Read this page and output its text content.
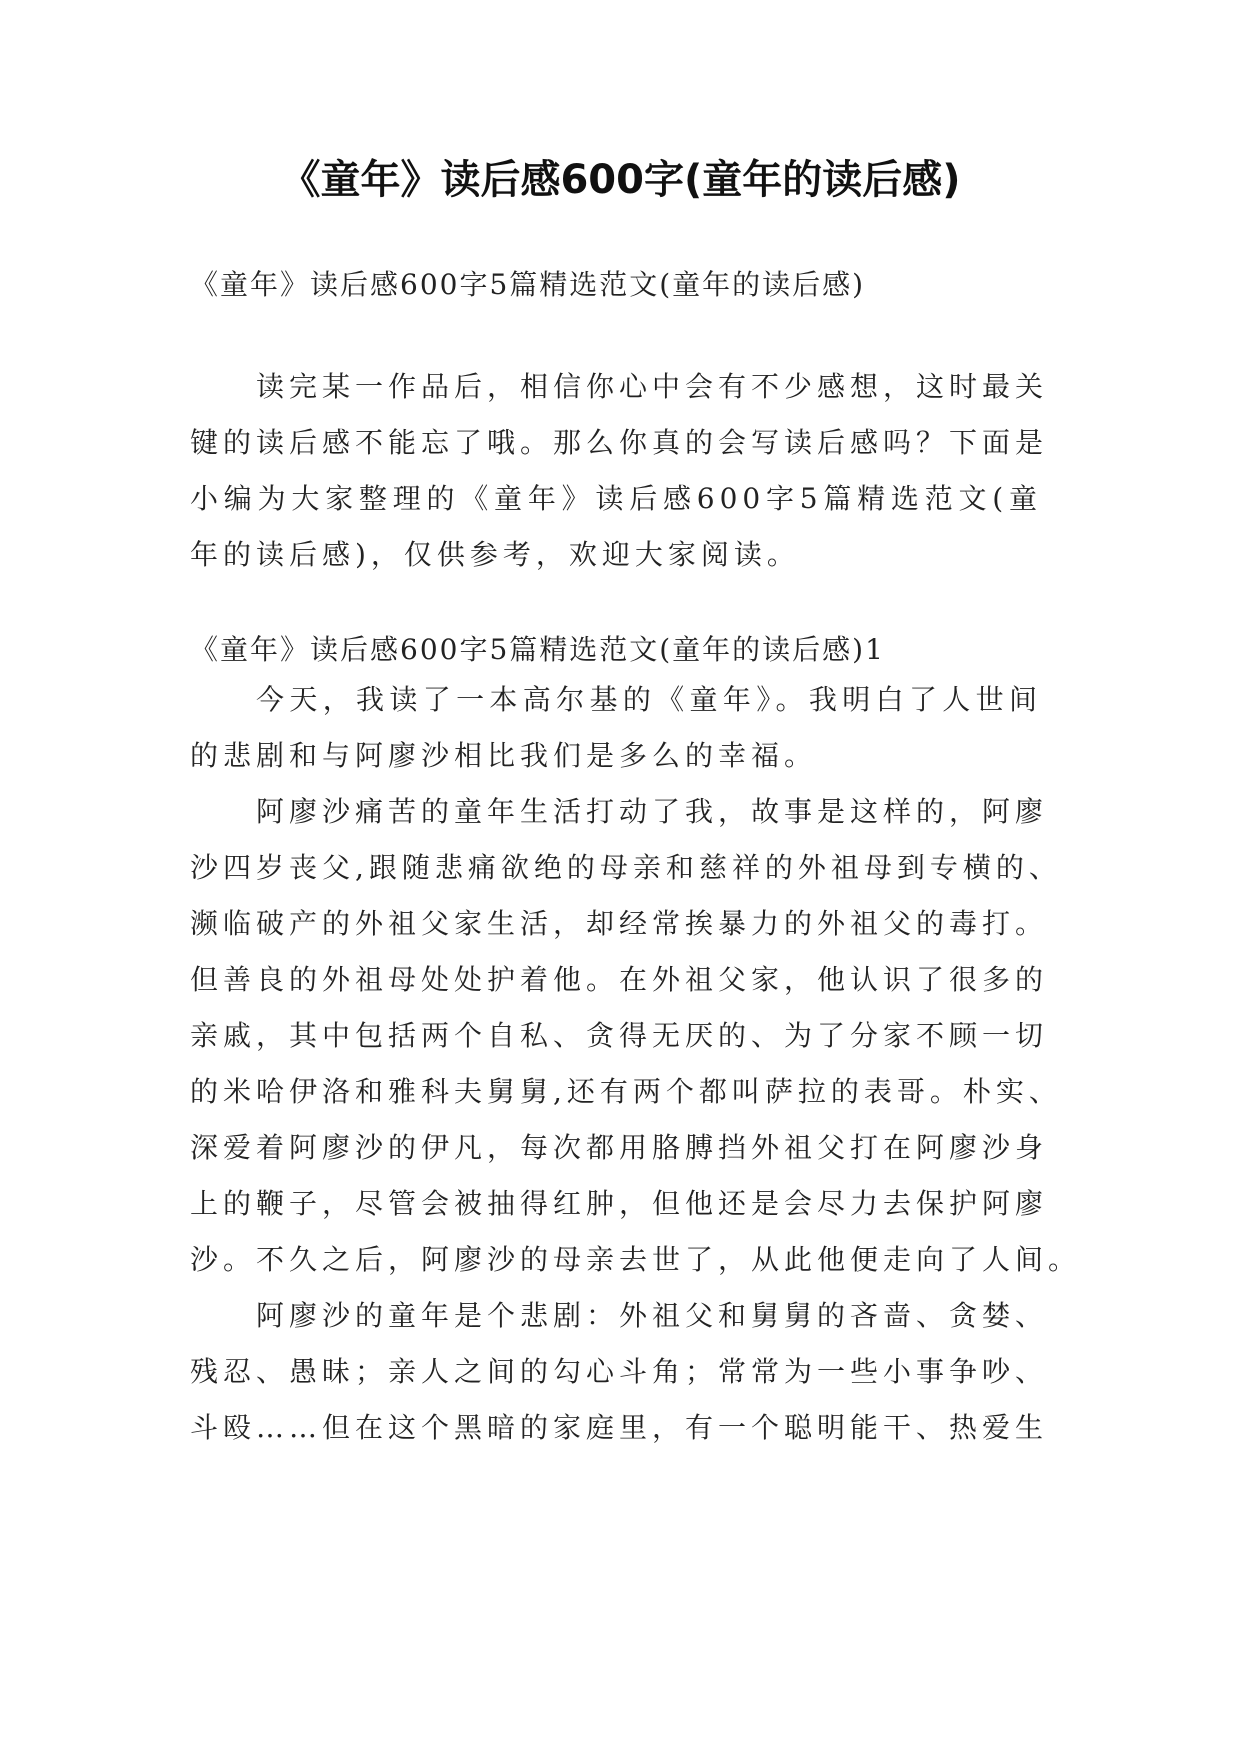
《童年》读后感600字(童年的读后感)
《童年》读后感600字5篇精选范文(童年的读后感)
读完某一作品后，相信你心中会有不少感想，这时最关
键的读后感不能忘了哦。那么你真的会写读后感吗？下面是
小编为大家整理的《童年》读后感600字5篇精选范文(童
年的读后感)，仅供参考，欢迎大家阅读。
《童年》读后感600字5篇精选范文(童年的读后感)1
今天，我读了一本高尔基的《童年》。我明白了人世间
的悲剧和与阿廖沙相比我们是多么的幸福。
阿廖沙痛苦的童年生活打动了我，故事是这样的，阿廖
沙四岁丧父,跟随悲痛欲绝的母亲和慈祥的外祖母到专横的、
濒临破产的外祖父家生活，却经常挨暴力的外祖父的毒打。
但善良的外祖母处处护着他。在外祖父家，他认识了很多的
亲戚，其中包括两个自私、贪得无厌的、为了分家不顾一切
的米哈伊洛和雅科夫舅舅,还有两个都叫萨拉的表哥。朴实、
深爱着阿廖沙的伊凡，每次都用胳膊挡外祖父打在阿廖沙身
上的鞭子，尽管会被抽得红肿，但他还是会尽力去保护阿廖
沙。不久之后，阿廖沙的母亲去世了，从此他便走向了人间。
阿廖沙的童年是个悲剧：外祖父和舅舅的吝啬、贪婪、
残忍、愚昧；亲人之间的勾心斗角；常常为一些小事争吵、
斗殴……但在这个黑暗的家庭里，有一个聪明能干、热爱生
